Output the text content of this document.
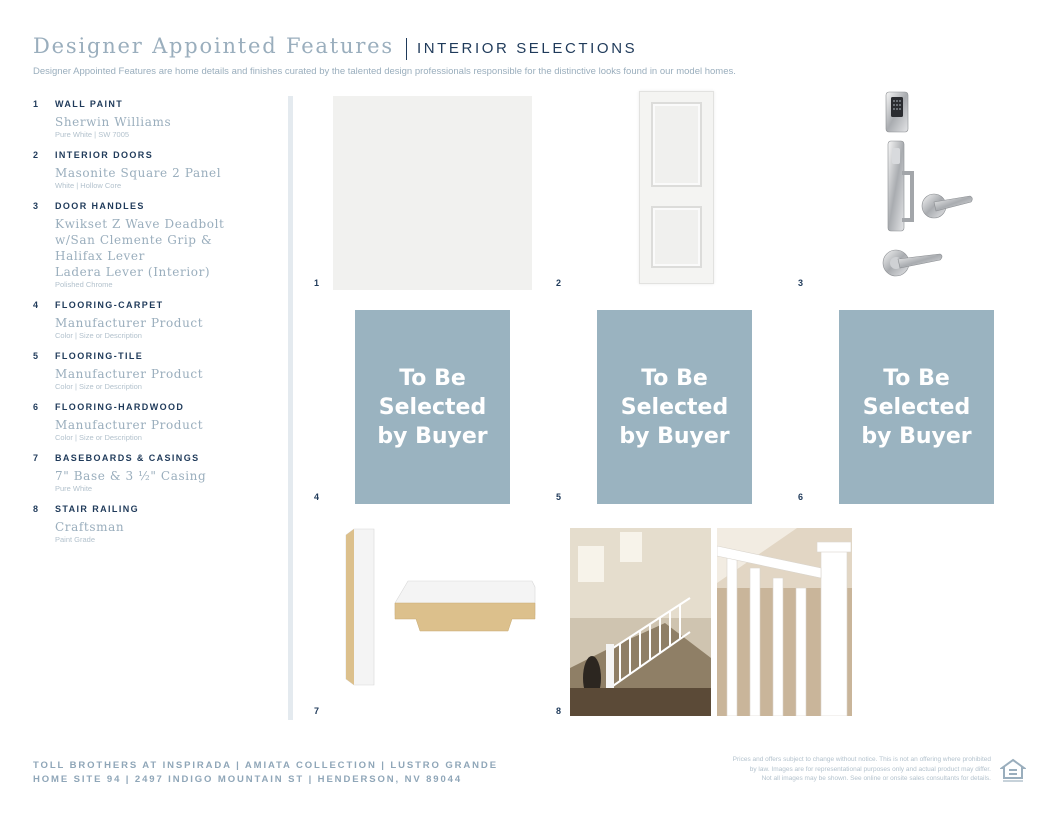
Designer Appointed Features INTERIOR SELECTIONS
Designer Appointed Features are home details and finishes curated by the talented design professionals responsible for the distinctive looks found in our model homes.
1	WALL PAINT
Sherwin Williams
Pure White | SW 7005
2	INTERIOR DOORS
Masonite Square 2 Panel
White | Hollow Core
3	DOOR HANDLES
Kwikset Z Wave Deadbolt
w/San Clemente Grip &
Halifax Lever
Ladera Lever (Interior)
Polished Chrome
4	FLOORING-CARPET
Manufacturer Product
Color | Size or Description
5	FLOORING-TILE
Manufacturer Product
Color | Size or Description
6	FLOORING-HARDWOOD
Manufacturer Product
Color | Size or Description
7	BASEBOARDS & CASINGS
7" Base & 3 ½" Casing
Pure White
8	STAIR RAILING
Craftsman
Paint Grade
1	2	3
To Be
Selected
by Buyer
4
To Be
Selected
by Buyer
5
To Be
Selected
by Buyer
6
7	8
TOLL BROTHERS AT INSPIRADA | AMIATA COLLECTION | LUSTRO GRANDE
HOME SITE 94 | 2497 INDIGO MOUNTAIN ST | HENDERSON, NV 89044
Prices and offers subject to change without notice. This is not an offering where prohibited
by law. Images are for representational purposes only and actual product may differ.
Not all images may be shown. See online or onsite sales consultants for details.
